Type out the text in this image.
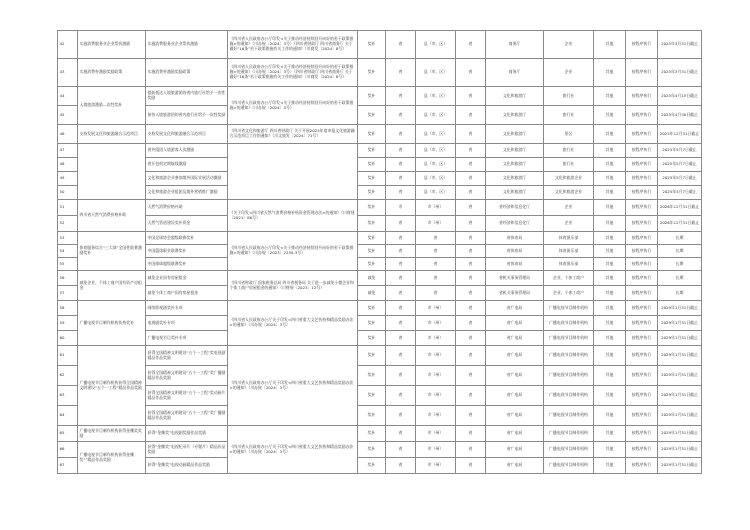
42	实施消费服务业企业帮扶激励	实施消费服务业企业帮扶激励	《四川省人民政府办公厅印发<关于推动经济持续回升向好的若干政策措施>的通知》（川办规〔2024〕3号）《四川省财政厅 四川省商务厅 关于做好“16条”若干政策措施有关工作的通知》（川商发〔2024〕8号）	奖补	省	县（市、区）	省	商务厅	企业	其他	按程序执行	2025年3月31日截止
43	实施消费券激励奖励政策	实施消费券激励奖励政策	《四川省人民政府办公厅印发<关于推动经济持续回升向好的若干政策措施>的通知》（川办规〔2024〕3号）《四川省财政厅 四川省商务厅 关于做好“16条”若干政策措施有关工作的通知》（川商发〔2024〕8号）	奖补	省	县（市、区）	省	商务厅	企业	其他	按程序执行	2025年3月31日截止
44	入境旅游激励—次性奖补	提前抵达入境旅游团的省内旅行社给予一次性奖励	《四川省人民政府办公厅印发<关于推动经济持续回升向好的若干政策措施>的通知》（川办规〔2024〕3号）	奖补	省	县（市、区）	省	文化和旅游厅	旅行社	其他	按程序执行	2025年4月15日截止
45		接待入境旅游团的省内旅行社给予一次性奖励		奖补	省	县（市、区）	省	文化和旅游厅	旅行社	其他	按程序执行	2025年4月30日截止
46	支持发展文化和旅游融合示范项目	支持发展文化和旅游融合示范项目	《四川省文化和旅游厅 四川省财政厅 关于开展2025年度申报文化旅游融合示范项目工作的通知》（川文旅发〔2024〕71号）	奖补	省	县（市、区）	省	文化和旅游厅	景区	其他	按程序执行	2025年12月31日截止
47		省外组团入境游客人次激励		奖补	省	县（市、区）	省	文化和旅游厅	旅行社	其他	按程序执行	2025年5月7日截止
48		省开包机定期航线激励		奖补	省	县（市、区）	省	文化和旅游厅	旅行社	其他	按程序执行	2025年5月7日截止
49		文化和旅游企业参加境外国际宣展活动激励		奖补	省	县（市、区）	省	文化和旅游厅	文化和旅游企业	其他	按程序执行	2025年5月7日截止
50		文化和旅游企业组团及境外营销推广激励		奖补	省	县（市、区）	省	文化和旅游厅	文化和旅游企业	其他	按程序执行	2025年5月7日截止
51	四川省天然气消费价格补助	天然气消费价格补助	《关于印发<四川省天然气消费价格补贴资金管理办法>的通知》（川财建〔2021〕86号）	奖补	市	市（州）	省	省经济和信息化厅	企业	其他	按程序执行	2026年12月31日截止
52		天然气管道建设奖补资金		奖补	省	市（州）	省	省经济和信息化厅	企业	其他	按程序执行	2026年12月31日截止
53	体育服务综合“三大球”全国性联赛激励奖补	中国足球协会超级联赛奖补	《四川省人民政府办公厅印发<关于推动经济持续回升向好的若干政策措施>的通知》（川办规〔2023〕2250-3号）	奖补	省	省	省	省体育局	体育俱乐部	其他	按程序执行	长期
54		中国篮球职业联赛奖补		奖补	省	省	省	省体育局	体育俱乐部	其他	按程序执行	长期
55		中国排球超级联赛奖补		奖补	省	省	省	省体育局	体育俱乐部	其他	按程序执行	长期
56	减免企业、个体工商户国有资产房租金	减免企业国有房屋租金	《四川省财政厅 国家税务总局 四川省税务局 关于进一步减免小微企业和个体工商户房屋租金的通知》（川财规〔2023〕12号）	减免	省	省	省	省机关事务管理局	企业、个体工商户	其他	按程序执行	长期
57		减免个体工商户国有房屋租金		减免	省	省	省	省机关事务管理局	企业、个体工商户	其他	按程序执行	长期
58	广播电视节目制作机构扶持奖补	网络影视剧奖补专项	《四川省人民政府办公厅关于印发<四川省重大文艺扶持和精品奖励办法>的通知》（川办规〔2024〕3号）	奖补	省	市（州）	省	省广电局	广播电视节目制作机构	其他	按程序执行	2029年1月31日截止
59		电视剧奖补专项		奖补	省	市（州）	省	省广电局	广播电视节目制作机构	其他	按程序执行	2029年1月31日截止
60		广播电视节目奖补专项		奖补	省	市（州）	省	省广电局	广播电视节目制作机构	其他	按程序执行	2029年1月31日截止
61	广播电视节目制作机构获得全国精神文明建设“五个一工程”精品作品奖励	获得全国精神文明建设“五个一工程”奖电视剧精品作品奖励	《四川省人民政府办公厅关于印发<四川省重大文艺扶持和精品奖励办法>的通知》（川办规〔2024〕3号）	奖补	省	市（州）	省	省广电局	广播电视节目制作机构	其他	按程序执行	2029年1月31日截止
62		获得全国精神文明建设“五个一工程”奖广播剧精品作品奖励		奖补	省	市（州）	省	省广电局	广播电视节目制作机构	其他	按程序执行	2029年1月31日截止
63		获得全国精神文明建设“五个一工程”奖动画片精品作品奖励		奖补	省	市（州）	省	省广电局	广播电视节目制作机构	其他	按程序执行	2029年1月31日截止
64		获得全国精神文明建设“五个一工程”奖广播剧精品作品奖励		奖补	省	市（州）	省	省广电局	广播电视节目制作机构	其他	按程序执行	2029年1月31日截止
65	广播电视节目制作机构获得金鹰奖奖励	获得“金鹰奖”电视剧奖励作品奖励	《四川省人民政府办公厅关于印发<四川省重大文艺扶持和精品奖励办法>的通知》（川办规〔2024〕3号）	奖补	省	市（州）	省	省广电局	广播电视节目制作机构	其他	按程序执行	2029年1月31日截止
66	广播电视节目制作机构获得金鹰奖“”精品作品奖励	获得“金鹰奖”电视纪录片（专题片）精品作品奖励		奖补	省	市（州）	省	省广电局	广播电视节目制作机构	其他	按程序执行	2029年1月31日截止
67		获得“金鹰奖”电视动画精品作品奖励		奖补	省	市（州）	省	省广电局	广播电视节目制作机构	其他	按程序执行	2029年1月31日截止
